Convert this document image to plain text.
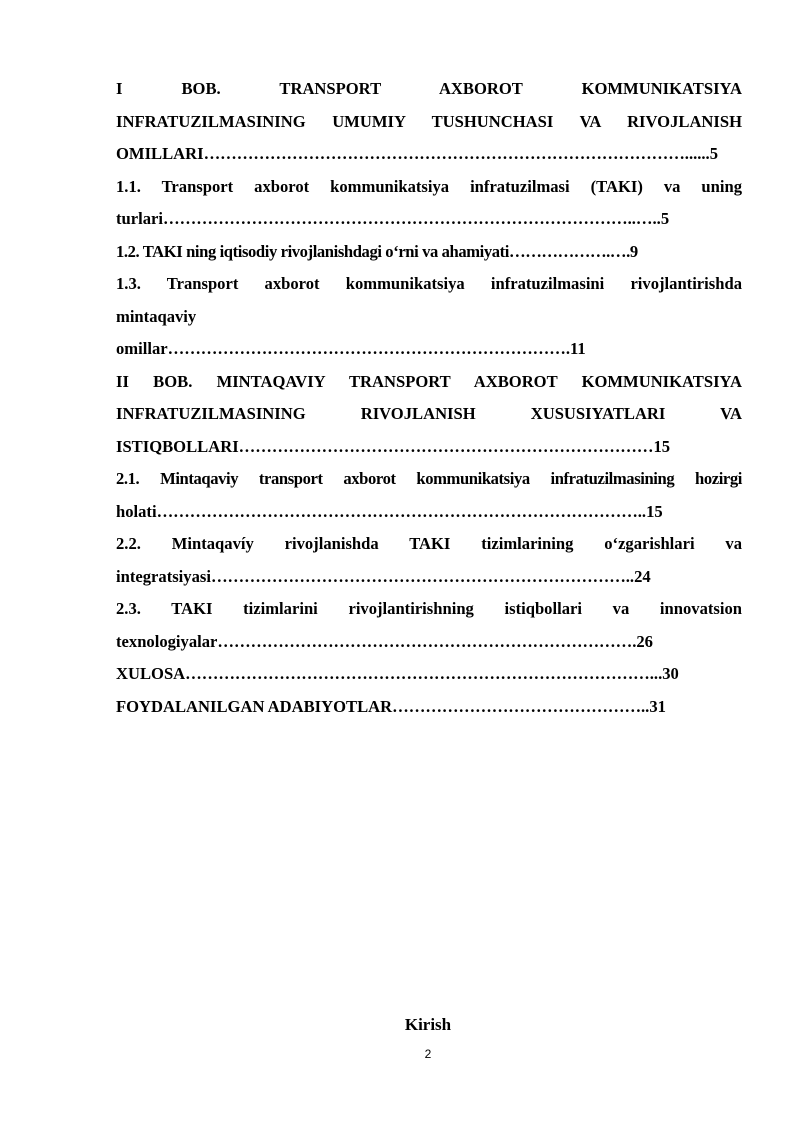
I BOB. TRANSPORT AXBOROT KOMMUNIKATSIYA
INFRATUZILMASINING UMUMIY TUSHUNCHASI VA RIVOJLANISH
OMILLARI……………………………………………………………………………......5
1.1. Transport axborot kommunikatsiya infratuzilmasi (TAKI) va uning
turlari…………………………………………………………………………..…..5
1.2. TAKI ning iqtisodiy rivojlanishdagi o‘rni va ahamiyati……………….….9
1.3. Transport axborot kommunikatsiya infratuzilmasini rivojlantirishda
mintaqaviy
omillar……………………………………………………………….11
II BOB. MINTAQAVIY TRANSPORT AXBOROT KOMMUNIKATSIYA
INFRATUZILMASINING RIVOJLANISH XUSUSIYATLARI VA
ISTIQBOLLARI…………………………………………………………………15
2.1. Mintaqaviy transport axborot kommunikatsiya infratuzilmasining hozirgi
holati……………………………………………………………………………..15
2.2. Mintaqavíy rivojlanishda TAKI tizimlarining o‘zgarishlari va
integratsiyasi…………………………………………………………………..24
2.3. TAKI tizimlarini rivojlantirishning istiqbollari va innovatsion
texnologiyalar………………………………………………………………….26
XULOSA…………………………………………………………………………...30
FOYDALANILGAN ADABIYOTLAR………………………………………..31
Kirish
2
